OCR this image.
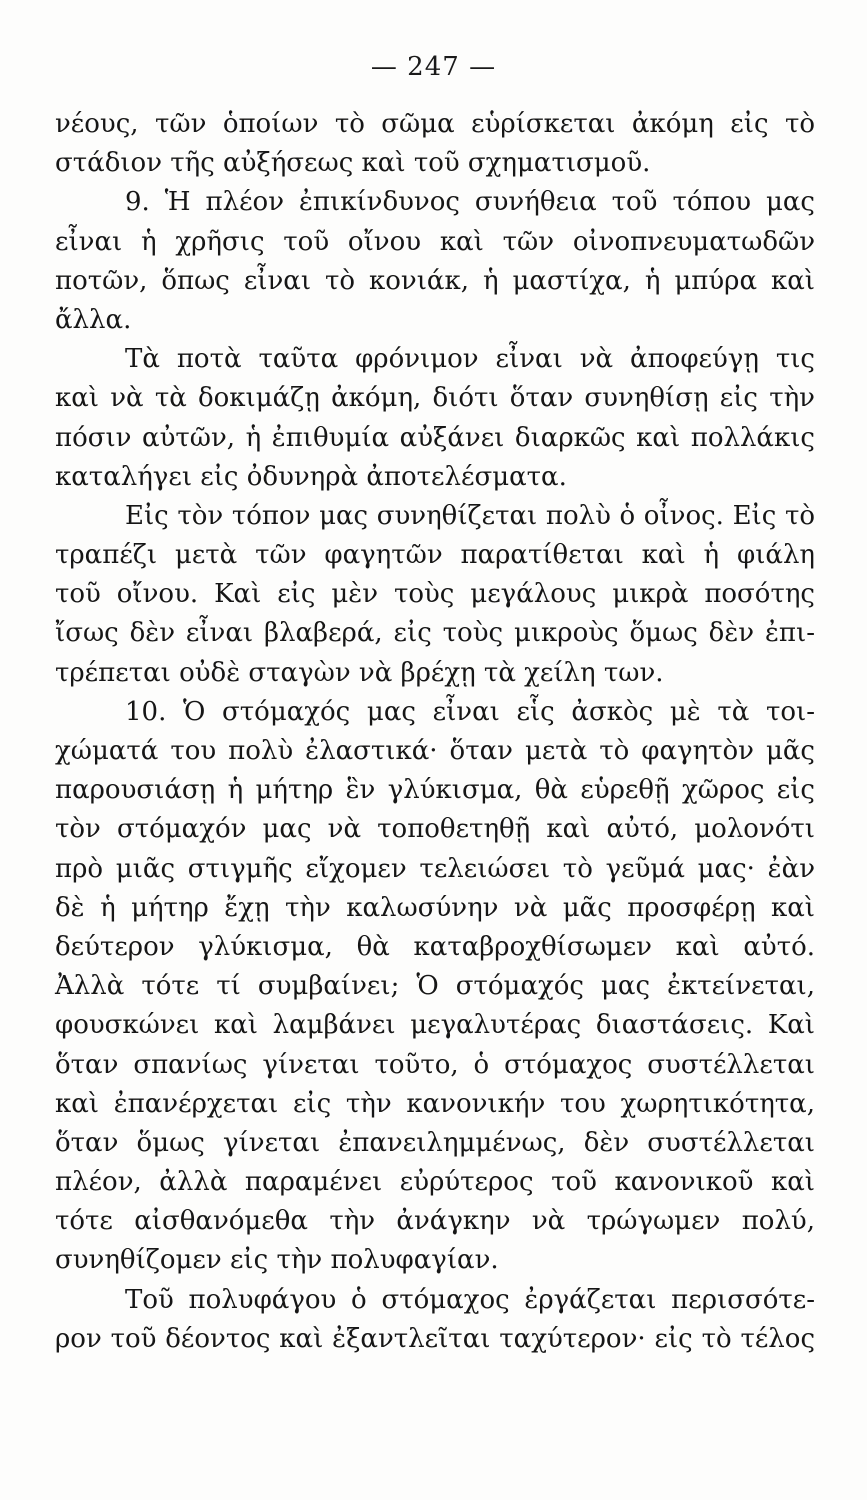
— 247 —
νέους, τῶν ὁποίων τὸ σῶμα εὑρίσκεται ἀκόμη εἰς τὸ
στάδιον τῆς αὐξήσεως καὶ τοῦ σχηματισμοῦ.
9. Ἡ πλέον ἐπικίνδυνος συνήθεια τοῦ τόπου μας
εἶναι ἡ χρῆσις τοῦ οἴνου καὶ τῶν οἰνοπνευματωδῶν
ποτῶν, ὅπως εἶναι τὸ κονιάκ, ἡ μαστίχα, ἡ μπύρα καὶ
ἄλλα.
Τὰ ποτὰ ταῦτα φρόνιμον εἶναι νὰ ἀποφεύγῃ τις
καὶ νὰ τὰ δοκιμάζῃ ἀκόμη, διότι ὅταν συνηθίσῃ εἰς τὴν
πόσιν αὐτῶν, ἡ ἐπιθυμία αὐξάνει διαρκῶς καὶ πολλάκις
καταλήγει εἰς ὀδυνηρὰ ἀποτελέσματα.
Εἰς τὸν τόπον μας συνηθίζεται πολὺ ὁ οἶνος. Εἰς τὸ
τραπέζι μετὰ τῶν φαγητῶν παρατίθεται καὶ ἡ φιάλη
τοῦ οἴνου. Καὶ εἰς μὲν τοὺς μεγάλους μικρὰ ποσότης
ἴσως δὲν εἶναι βλαβερά, εἰς τοὺς μικροὺς ὅμως δὲν ἐπι-
τρέπεται οὐδὲ σταγὼν νὰ βρέχῃ τὰ χείλη των.
10. Ὁ στόμαχός μας εἶναι εἷς ἀσκὸς μὲ τὰ τοι-
χώματά του πολὺ ἐλαστικά· ὅταν μετὰ τὸ φαγητὸν μᾶς
παρουσιάσῃ ἡ μήτηρ ἓν γλύκισμα, θὰ εὑρεθῇ χῶρος εἰς
τὸν στόμαχόν μας νὰ τοποθετηθῇ καὶ αὐτό, μολονότι
πρὸ μιᾶς στιγμῆς εἴχομεν τελειώσει τὸ γεῦμά μας· ἐὰν
δὲ ἡ μήτηρ ἔχῃ τὴν καλωσύνην νὰ μᾶς προσφέρῃ καὶ
δεύτερον γλύκισμα, θὰ καταβροχθίσωμεν καὶ αὐτό.
Ἀλλὰ τότε τί συμβαίνει; Ὁ στόμαχός μας ἐκτείνεται,
φουσκώνει καὶ λαμβάνει μεγαλυτέρας διαστάσεις. Καὶ
ὅταν σπανίως γίνεται τοῦτο, ὁ στόμαχος συστέλλεται
καὶ ἐπανέρχεται εἰς τὴν κανονικήν του χωρητικότητα,
ὅταν ὅμως γίνεται ἐπανειλημμένως, δὲν συστέλλεται
πλέον, ἀλλὰ παραμένει εὐρύτερος τοῦ κανονικοῦ καὶ
τότε αἰσθανόμεθα τὴν ἀνάγκην νὰ τρώγωμεν πολύ,
συνηθίζομεν εἰς τὴν πολυφαγίαν.
Τοῦ πολυφάγου ὁ στόμαχος ἐργάζεται περισσότε-
ρον τοῦ δέοντος καὶ ἐξαντλεῖται ταχύτερον· εἰς τὸ τέλος
